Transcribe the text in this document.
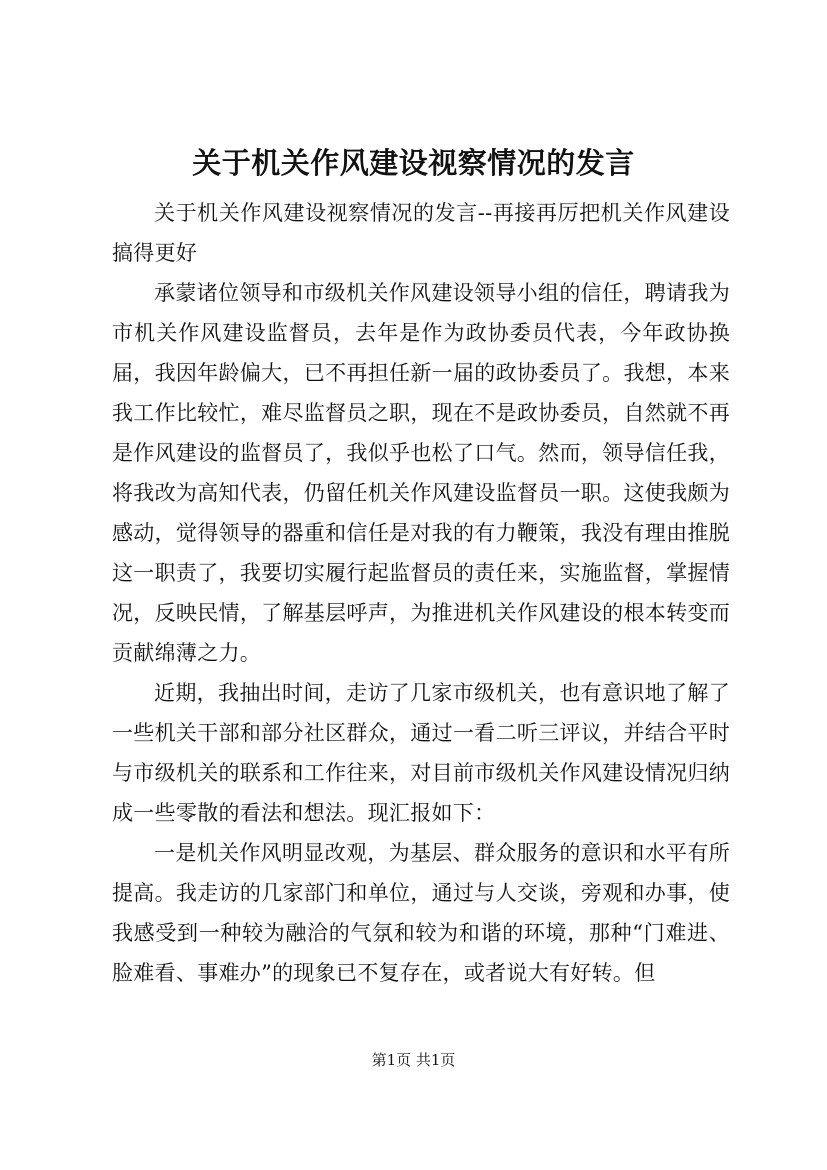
关于机关作风建设视察情况的发言

关于机关作风建设视察情况的发言--再接再厉把机关作风建设搞得更好

承蒙诸位领导和市级机关作风建设领导小组的信任，聘请我为市机关作风建设监督员，去年是作为政协委员代表，今年政协换届，我因年龄偏大，已不再担任新一届的政协委员了。我想，本来我工作比较忙，难尽监督员之职，现在不是政协委员，自然就不再是作风建设的监督员了，我似乎也松了口气。然而，领导信任我，将我改为高知代表，仍留任机关作风建设监督员一职。这使我颇为感动，觉得领导的器重和信任是对我的有力鞭策，我没有理由推脱这一职责了，我要切实履行起监督员的责任来，实施监督，掌握情况，反映民情，了解基层呼声，为推进机关作风建设的根本转变而贡献绵薄之力。

近期，我抽出时间，走访了几家市级机关，也有意识地了解了一些机关干部和部分社区群众，通过一看二听三评议，并结合平时与市级机关的联系和工作往来，对目前市级机关作风建设情况归纳成一些零散的看法和想法。现汇报如下：

一是机关作风明显改观，为基层、群众服务的意识和水平有所提高。我走访的几家部门和单位，通过与人交谈，旁观和办事，使我感受到一种较为融洽的气氛和较为和谐的环境，那种“门难进、脸难看、事难办”的现象已不复存在，或者说大有好转。但

第1页 共1页
